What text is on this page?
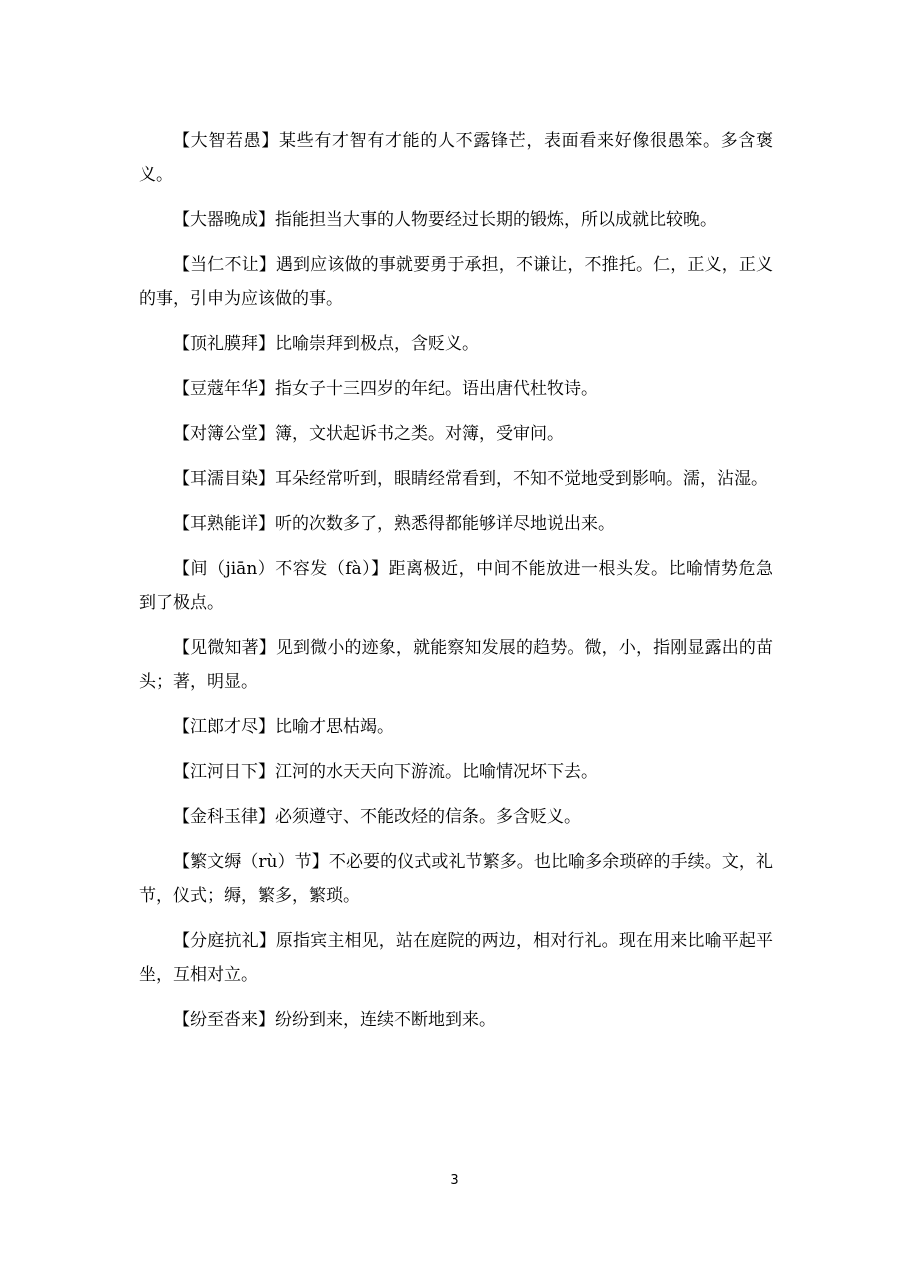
【大智若愚】某些有才智有才能的人不露锋芒，表面看来好像很愚笨。多含褒义。

【大器晚成】指能担当大事的人物要经过长期的锻炼，所以成就比较晚。

【当仁不让】遇到应该做的事就要勇于承担，不谦让，不推托。仁，正义，正义的事，引申为应该做的事。

【顶礼膜拜】比喻崇拜到极点，含贬义。

【豆蔻年华】指女子十三四岁的年纪。语出唐代杜牧诗。

【对簿公堂】簿，文状起诉书之类。对簿，受审问。

【耳濡目染】耳朵经常听到，眼睛经常看到，不知不觉地受到影响。濡，沾湿。

【耳熟能详】听的次数多了，熟悉得都能够详尽地说出来。

【间（jiān）不容发（fà）】距离极近，中间不能放进一根头发。比喻情势危急到了极点。

【见微知著】见到微小的迹象，就能察知发展的趋势。微，小，指刚显露出的苗头；著，明显。

【江郎才尽】比喻才思枯竭。

【江河日下】江河的水天天向下游流。比喻情况坏下去。

【金科玉律】必须遵守、不能改烃的信条。多含贬义。

【繁文缛（rù）节】不必要的仪式或礼节繁多。也比喻多余琐碎的手续。文，礼节，仪式；缛，繁多，繁琐。

【分庭抗礼】原指宾主相见，站在庭院的两边，相对行礼。现在用来比喻平起平坐，互相对立。

【纷至沓来】纷纷到来，连续不断地到来。

3
